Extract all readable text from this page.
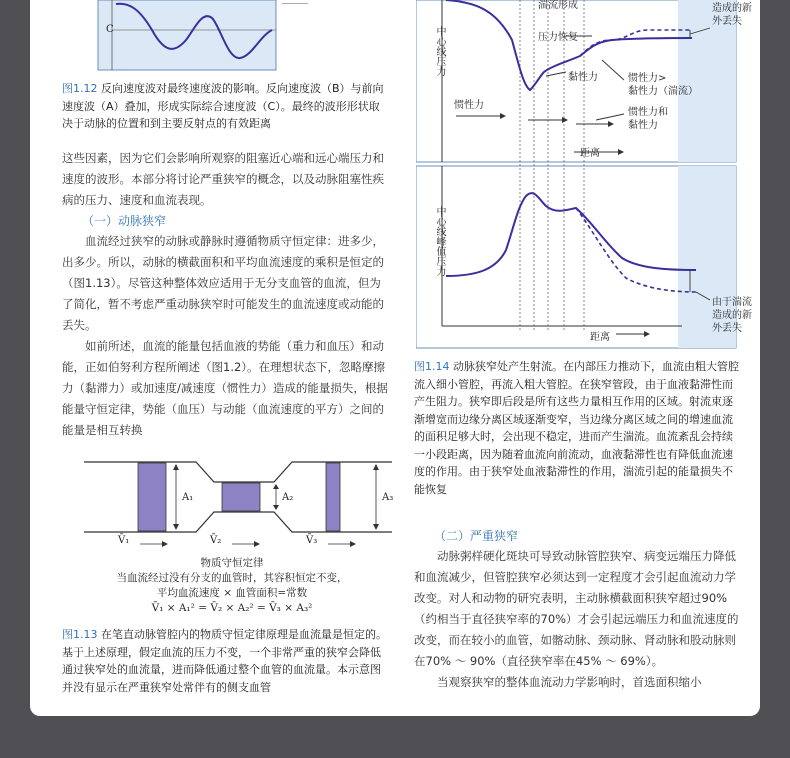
C
图1.12 反向速度波对最终速度波的影响。反向速度波（B）与前向速度波（A）叠加，形成实际综合速度波（C）。最终的波形形状取决于动脉的位置和到主要反射点的有效距离

这些因素，因为它们会影响所观察的阻塞近心端和远心端压力和速度的波形。本部分将讨论严重狭窄的概念，以及动脉阻塞性疾病的压力、速度和血流表现。

（一）动脉狭窄

血流经过狭窄的动脉或静脉时遵循物质守恒定律：进多少，出多少。所以，动脉的横截面积和平均血流速度的乘积是恒定的（图1.13）。尽管这种整体效应适用于无分支血管的血流，但为了简化，暂不考虑严重动脉狭窄时可能发生的血流速度或动能的丢失。

如前所述，血流的能量包括血液的势能（重力和血压）和动能，正如伯努利方程所阐述（图1.2）。在理想状态下，忽略摩擦力（黏滞力）或加速度/减速度（惯性力）造成的能量损失，根据能量守恒定律，势能（血压）与动能（血流速度的平方）之间的能量是相互转换

A₁	A₂	A₃
V̄₁	V̄₂	V̄₃
物质守恒定律
当血流经过没有分支的血管时，其容积恒定不变，
平均血流速度 × 血管面积=常数
V̄₁ × A₁² = V̄₂ × A₂² = V̄₃ × A₃²
图1.13 在笔直动脉管腔内的物质守恒定律原理是血流量是恒定的。基于上述原理，假定血流的压力不变，一个非常严重的狭窄会降低通过狭窄处的血流量，进而降低通过整个血管的血流量。本示意图并没有显示在严重狭窄处常伴有的侧支血管
中心线压力
中心线峰值压力
湍流形成
压力恢复
黏性力
惯性力
惯性力>
黏性力（湍流）
惯性力和
黏性力
距离
距离
造成的新
外丢失
由于湍流
造成的新
外丢失
图1.14 动脉狭窄处产生射流。在内部压力推动下，血流由粗大管腔流入细小管腔，再流入粗大管腔。在狭窄管段，由于血液黏滞性而产生阻力。狭窄即后段是所有这些力量相互作用的区域。射流束逐渐增宽而边缘分离区域逐渐变窄，当边缘分离区域之间的增速血流的面积足够大时，会出现不稳定，进而产生湍流。血流紊乱会持续一小段距离，因为随着血流向前流动，血液黏滞性也有降低血流速度的作用。由于狭窄处血液黏滞性的作用，湍流引起的能量损失不能恢复
（二）严重狭窄

动脉粥样硬化斑块可导致动脉管腔狭窄、病变远端压力降低和血流减少，但管腔狭窄必须达到一定程度才会引起血流动力学改变。对人和动物的研究表明，主动脉横截面积狭窄超过90%（约相当于直径狭窄率的70%）才会引起远端压力和血流速度的改变，而在较小的血管，如髂动脉、颈动脉、肾动脉和股动脉则在70% ～ 90%（直径狭窄率在45% ～ 69%）。

当观察狭窄的整体血流动力学影响时，首选面积缩小
